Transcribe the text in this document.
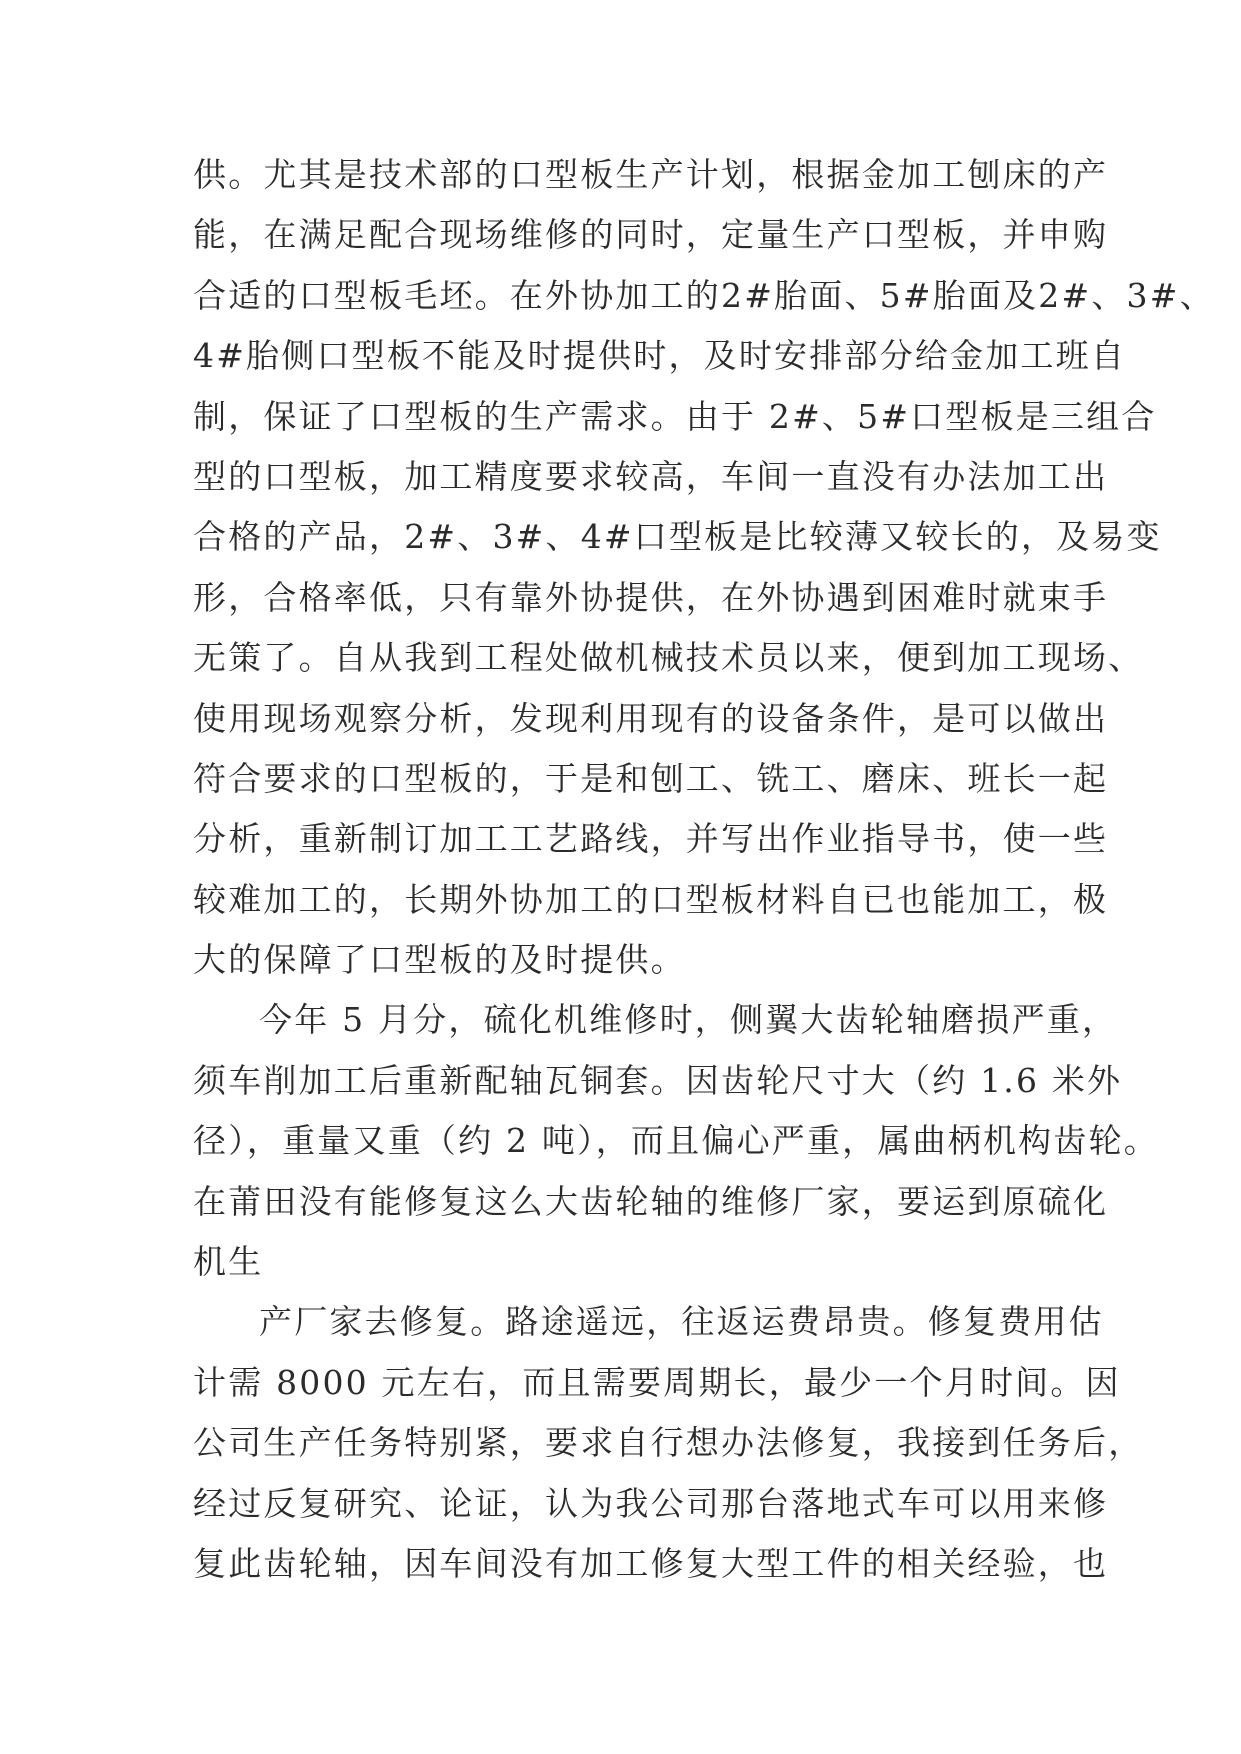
供。尤其是技术部的口型板生产计划，根据金加工刨床的产
能，在满足配合现场维修的同时，定量生产口型板，并申购
合适的口型板毛坯。在外协加工的2#胎面、5#胎面及2#、3#、
4#胎侧口型板不能及时提供时，及时安排部分给金加工班自
制，保证了口型板的生产需求。由于 2#、5#口型板是三组合
型的口型板，加工精度要求较高，车间一直没有办法加工出
合格的产品，2#、3#、4#口型板是比较薄又较长的，及易变
形，合格率低，只有靠外协提供，在外协遇到困难时就束手
无策了。自从我到工程处做机械技术员以来，便到加工现场、
使用现场观察分析，发现利用现有的设备条件，是可以做出
符合要求的口型板的，于是和刨工、铣工、磨床、班长一起
分析，重新制订加工工艺路线，并写出作业指导书，使一些
较难加工的，长期外协加工的口型板材料自已也能加工，极
大的保障了口型板的及时提供。
今年 5 月分，硫化机维修时，侧翼大齿轮轴磨损严重，
须车削加工后重新配轴瓦铜套。因齿轮尺寸大（约 1.6 米外
径），重量又重（约 2 吨），而且偏心严重，属曲柄机构齿轮。
在莆田没有能修复这么大齿轮轴的维修厂家，要运到原硫化
机生
产厂家去修复。路途遥远，往返运费昂贵。修复费用估
计需 8000 元左右，而且需要周期长，最少一个月时间。因
公司生产任务特别紧，要求自行想办法修复，我接到任务后，
经过反复研究、论证，认为我公司那台落地式车可以用来修
复此齿轮轴，因车间没有加工修复大型工件的相关经验，也
